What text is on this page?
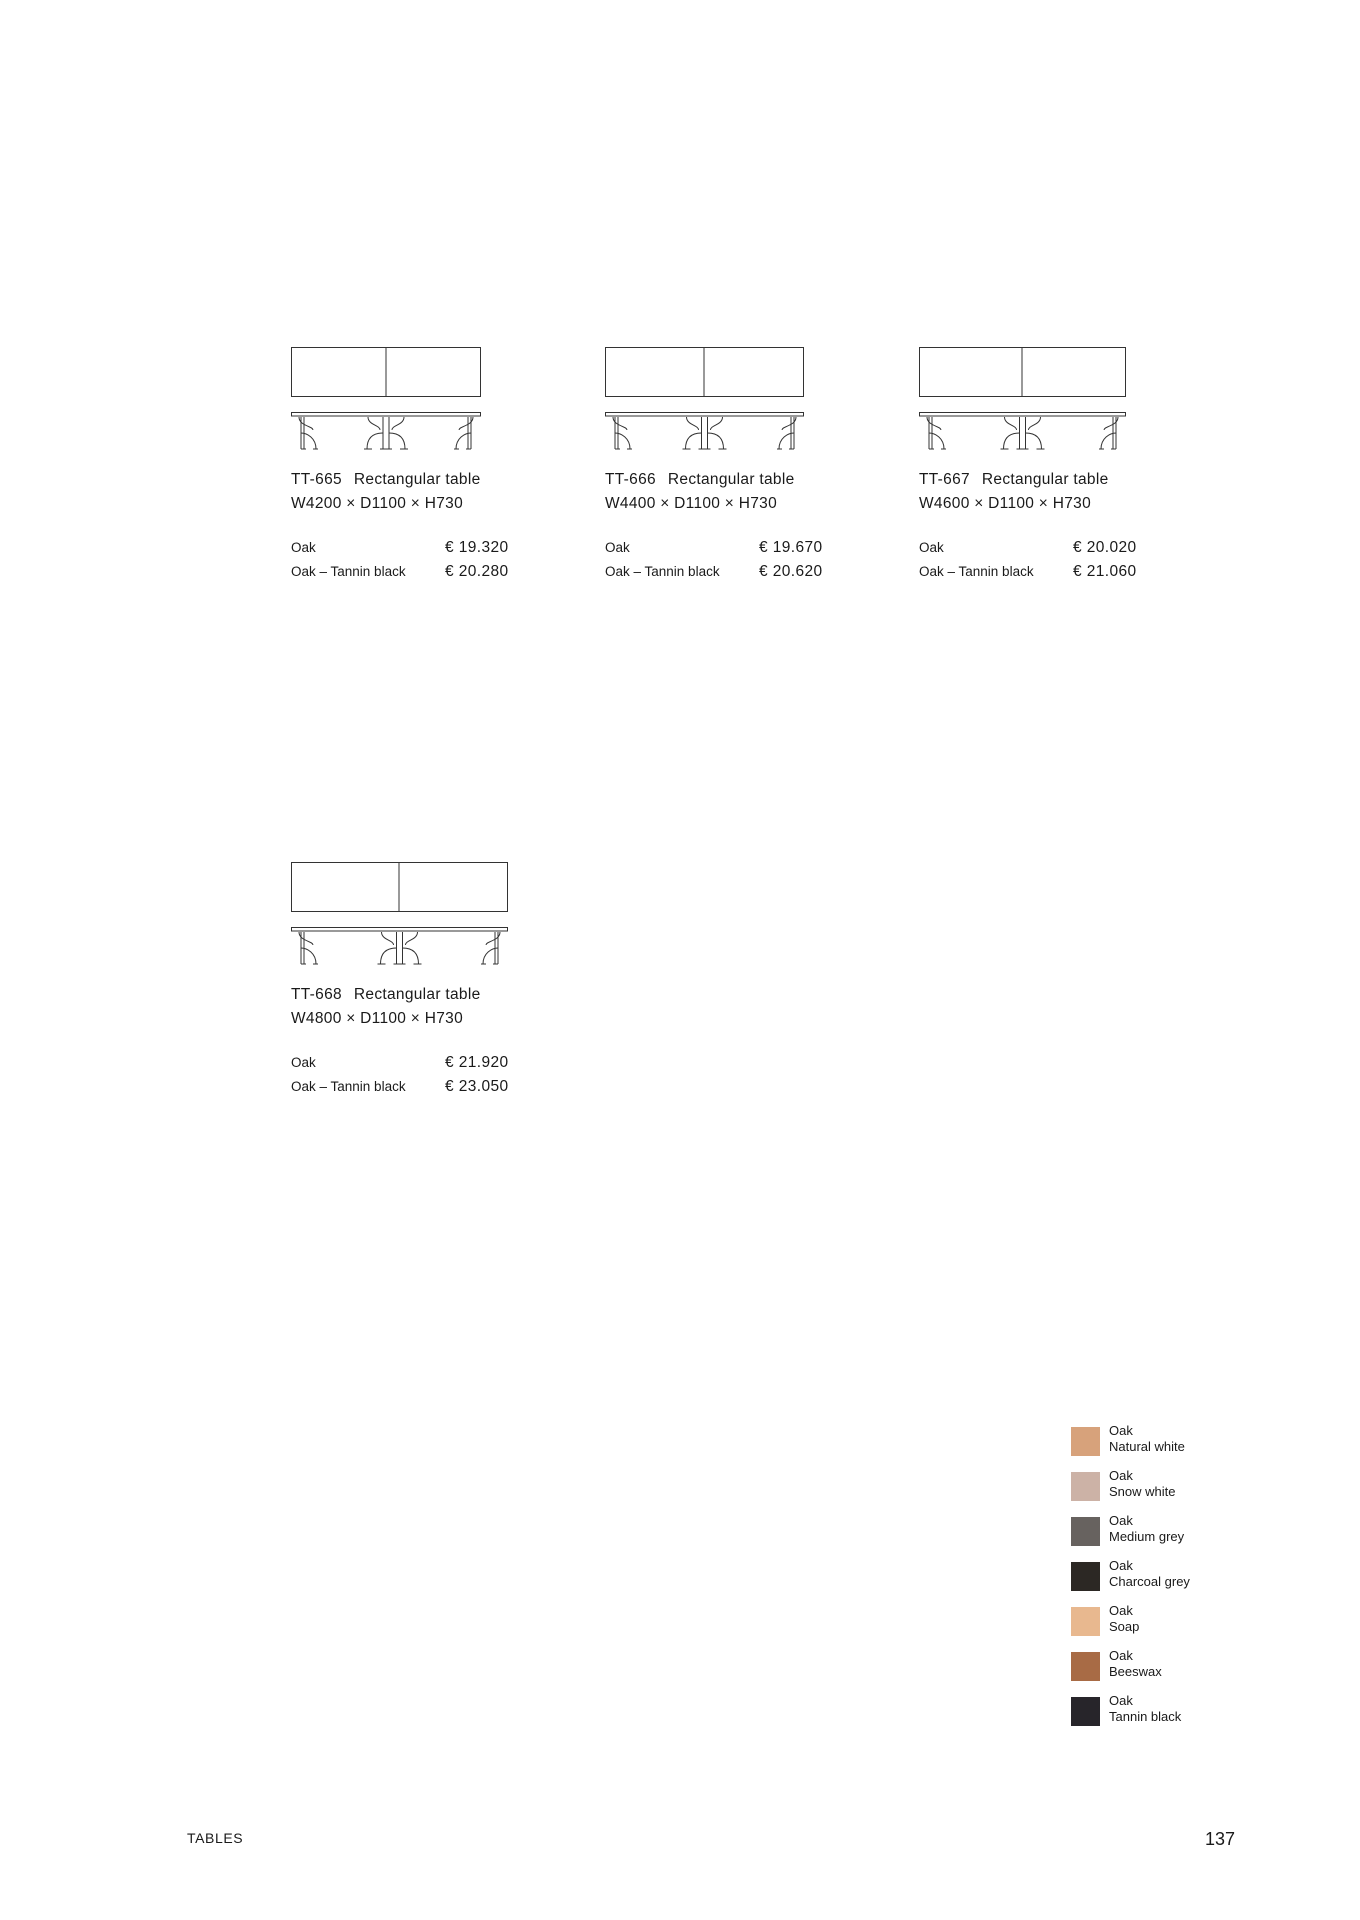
TT-665 Rectangular table
W4200 × D1100 × H730
Oak	€ 19.320
Oak – Tannin black	€ 20.280
TT-666 Rectangular table
W4400 × D1100 × H730
Oak	€ 19.670
Oak – Tannin black	€ 20.620
TT-667 Rectangular table
W4600 × D1100 × H730
Oak	€ 20.020
Oak – Tannin black	€ 21.060
TT-668 Rectangular table
W4800 × D1100 × H730
Oak	€ 21.920
Oak – Tannin black	€ 23.050
Oak
Natural white
Oak
Snow white
Oak
Medium grey
Oak
Charcoal grey
Oak
Soap
Oak
Beeswax
Oak
Tannin black
TABLES	137
